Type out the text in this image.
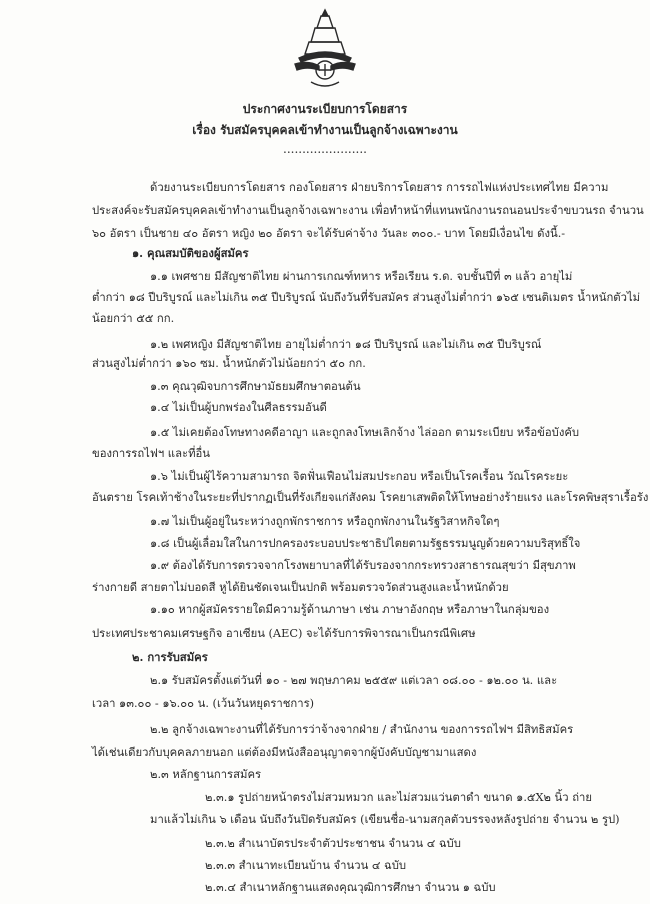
ประกาศงานระเบียบการโดยสาร
เรื่อง รับสมัครบุคคลเข้าทำงานเป็นลูกจ้างเฉพาะงาน
......................
ด้วยงานระเบียบการโดยสาร กองโดยสาร ฝ่ายบริการโดยสาร การรถไฟแห่งประเทศไทย มีความ
ประสงค์จะรับสมัครบุคคลเข้าทำงานเป็นลูกจ้างเฉพาะงาน เพื่อทำหน้าที่แทนพนักงานรถนอนประจำขบวนรถ จำนวน
๖๐ อัตรา เป็นชาย ๔๐ อัตรา หญิง ๒๐ อัตรา จะได้รับค่าจ้าง วันละ ๓๐๐.- บาท โดยมีเงื่อนไข ดังนี้.-
๑. คุณสมบัติของผู้สมัคร
๑.๑ เพศชาย มีสัญชาติไทย ผ่านการเกณฑ์ทหาร หรือเรียน ร.ด. จบชั้นปีที่ ๓ แล้ว อายุไม่
ต่ำกว่า ๑๘ ปีบริบูรณ์ และไม่เกิน ๓๕ ปีบริบูรณ์ นับถึงวันที่รับสมัคร ส่วนสูงไม่ต่ำกว่า ๑๖๕ เซนติเมตร น้ำหนักตัวไม่
น้อยกว่า ๕๕ กก.
๑.๒ เพศหญิง มีสัญชาติไทย อายุไม่ต่ำกว่า ๑๘ ปีบริบูรณ์ และไม่เกิน ๓๕ ปีบริบูรณ์
ส่วนสูงไม่ต่ำกว่า ๑๖๐ ซม. น้ำหนักตัวไม่น้อยกว่า ๕๐ กก.
๑.๓ คุณวุฒิจบการศึกษามัธยมศึกษาตอนต้น
๑.๔ ไม่เป็นผู้บกพร่องในศีลธรรมอันดี
๑.๕ ไม่เคยต้องโทษทางคดีอาญา และถูกลงโทษเลิกจ้าง ไล่ออก ตามระเบียบ หรือข้อบังคับ
ของการรถไฟฯ และที่อื่น
๑.๖ ไม่เป็นผู้ไร้ความสามารถ จิตฟั่นเฟือนไม่สมประกอบ หรือเป็นโรคเรื้อน วัณโรคระยะ
อันตราย โรคเท้าช้างในระยะที่ปรากฏเป็นที่รังเกียจแก่สังคม โรคยาเสพติดให้โทษอย่างร้ายแรง และโรคพิษสุราเรื้อรัง
๑.๗ ไม่เป็นผู้อยู่ในระหว่างถูกพักราชการ หรือถูกพักงานในรัฐวิสาหกิจใดๆ
๑.๘ เป็นผู้เลื่อมใสในการปกครองระบอบประชาธิปไตยตามรัฐธรรมนูญด้วยความบริสุทธิ์ใจ
๑.๙ ต้องได้รับการตรวจจากโรงพยาบาลที่ได้รับรองจากกระทรวงสาธารณสุขว่า มีสุขภาพ
ร่างกายดี สายตาไม่บอดสี หูได้ยินชัดเจนเป็นปกติ พร้อมตรวจวัดส่วนสูงและน้ำหนักด้วย
๑.๑๐ หากผู้สมัครรายใดมีความรู้ด้านภาษา เช่น ภาษาอังกฤษ หรือภาษาในกลุ่มของ
ประเทศประชาคมเศรษฐกิจ อาเซียน (AEC) จะได้รับการพิจารณาเป็นกรณีพิเศษ
๒. การรับสมัคร
๒.๑ รับสมัครตั้งแต่วันที่ ๑๐ - ๒๗ พฤษภาคม ๒๕๕๙ แต่เวลา ๐๘.๐๐ - ๑๒.๐๐ น. และ
เวลา ๑๓.๐๐ - ๑๖.๐๐ น. (เว้นวันหยุดราชการ)
๒.๒ ลูกจ้างเฉพาะงานที่ได้รับการว่าจ้างจากฝ่าย / สำนักงาน ของการรถไฟฯ มีสิทธิสมัคร
ได้เช่นเดียวกับบุคคลภายนอก แต่ต้องมีหนังสืออนุญาตจากผู้บังคับบัญชามาแสดง
๒.๓ หลักฐานการสมัคร
๒.๓.๑ รูปถ่ายหน้าตรงไม่สวมหมวก และไม่สวมแว่นตาดำ ขนาด ๑.๕X๒ นิ้ว ถ่าย
มาแล้วไม่เกิน ๖ เดือน นับถึงวันปิดรับสมัคร (เขียนชื่อ-นามสกุลตัวบรรจงหลังรูปถ่าย จำนวน ๒ รูป)
๒.๓.๒ สำเนาบัตรประจำตัวประชาชน จำนวน ๔ ฉบับ
๒.๓.๓ สำเนาทะเบียนบ้าน จำนวน ๔ ฉบับ
๒.๓.๔ สำเนาหลักฐานแสดงคุณวุฒิการศึกษา จำนวน ๑ ฉบับ
